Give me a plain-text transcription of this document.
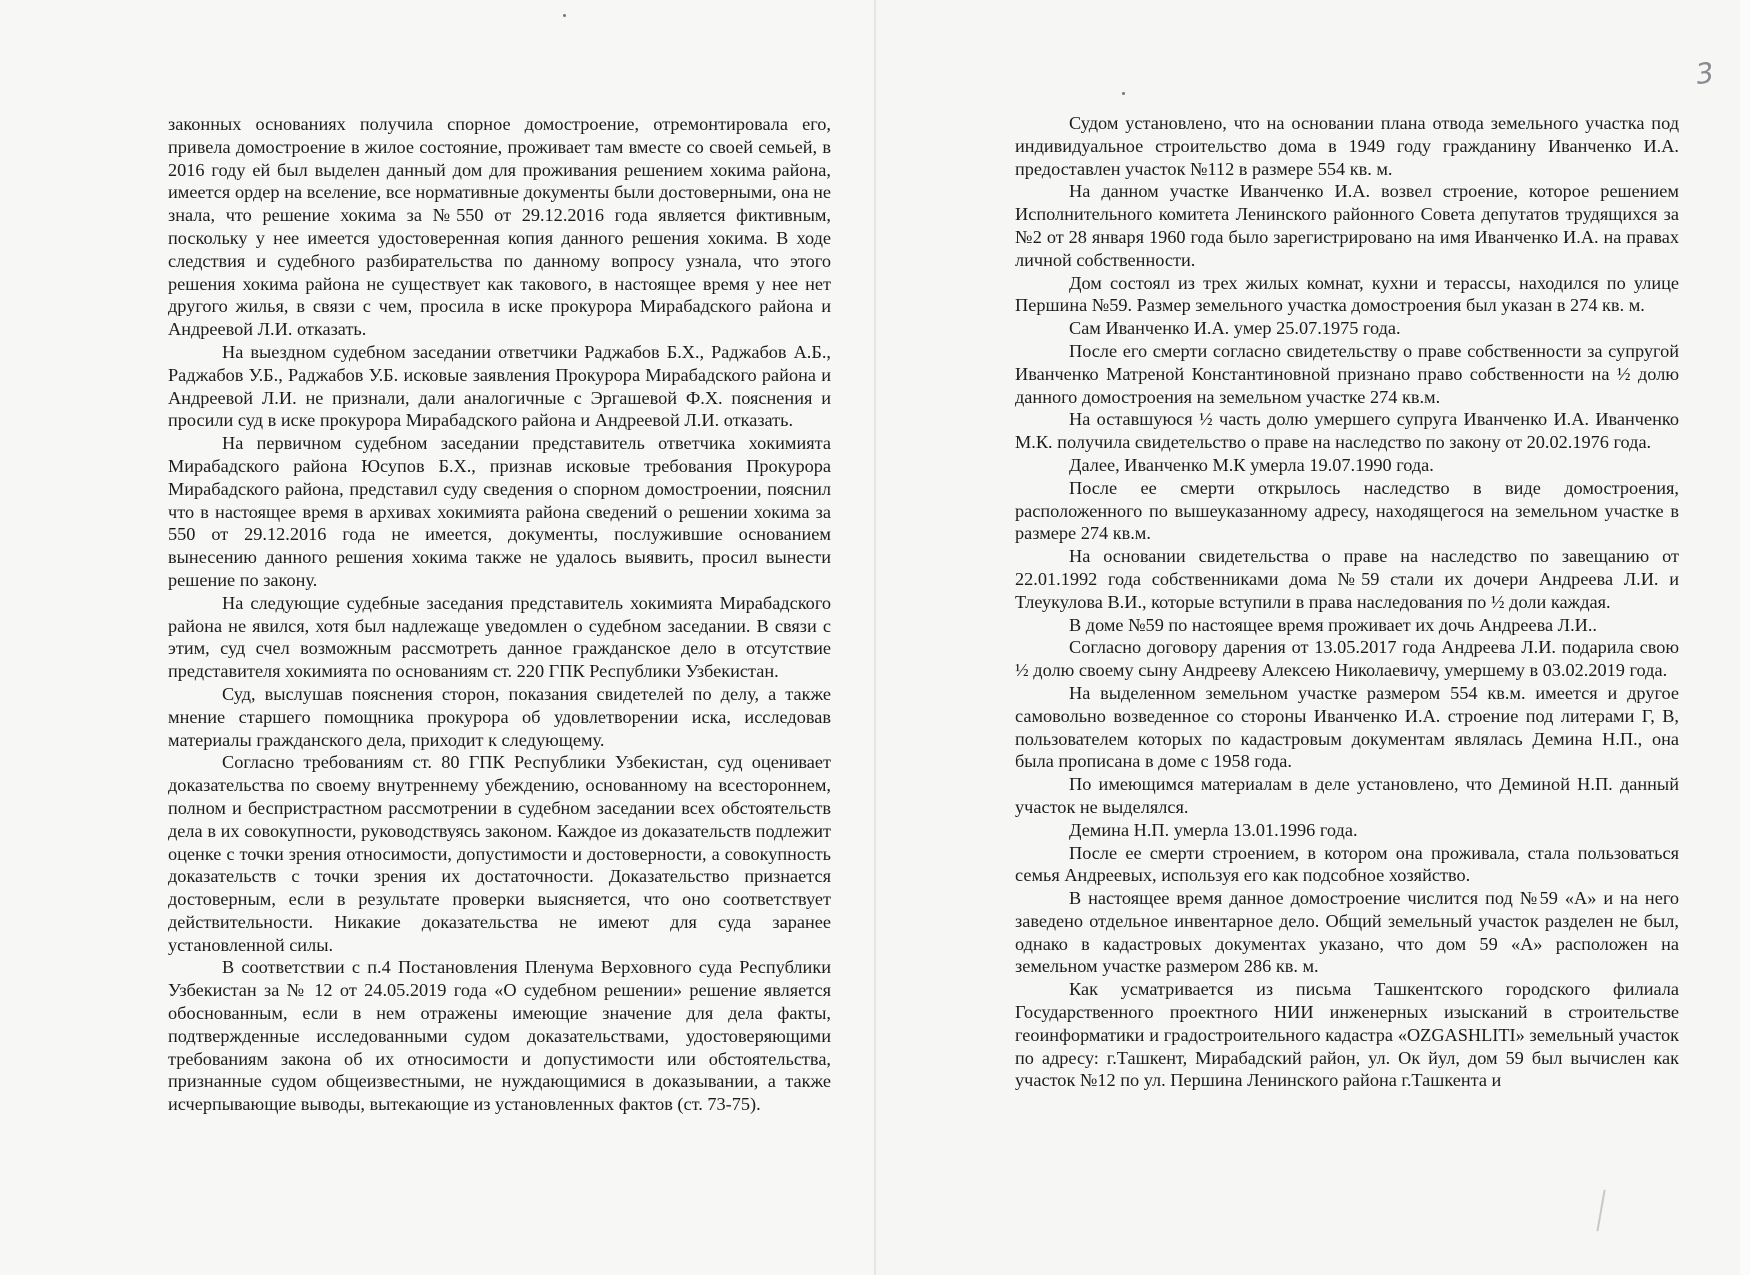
3

законных основаниях получила спорное домостроение, отремонтировала его, привела домостроение в жилое состояние, проживает там вместе со своей семьей, в 2016 году ей был выделен данный дом для проживания решением хокима района, имеется ордер на вселение, все нормативные документы были достоверными, она не знала, что решение хокима за №550 от 29.12.2016 года является фиктивным, поскольку у нее имеется удостоверенная копия данного решения хокима. В ходе следствия и судебного разбирательства по данному вопросу узнала, что этого решения хокима района не существует как такового, в настоящее время у нее нет другого жилья, в связи с чем, просила в иске прокурора Мирабадского района и Андреевой Л.И. отказать.

На выездном судебном заседании ответчики Раджабов Б.Х., Раджабов А.Б., Раджабов У.Б., Раджабов У.Б. исковые заявления Прокурора Мирабадского района и Андреевой Л.И. не признали, дали аналогичные с Эргашевой Ф.Х. пояснения и просили суд в иске прокурора Мирабадского района и Андреевой Л.И. отказать.

На первичном судебном заседании представитель ответчика хокимията Мирабадского района Юсупов Б.Х., признав исковые требования Прокурора Мирабадского района, представил суду сведения о спорном домостроении, пояснил что в настоящее время в архивах хокимията района сведений о решении хокима за 550 от 29.12.2016 года не имеется, документы, послужившие основанием вынесению данного решения хокима также не удалось выявить, просил вынести решение по закону.

На следующие судебные заседания представитель хокимията Мирабадского района не явился, хотя был надлежаще уведомлен о судебном заседании. В связи с этим, суд счел возможным рассмотреть данное гражданское дело в отсутствие представителя хокимията по основаниям ст. 220 ГПК Республики Узбекистан.

Суд, выслушав пояснения сторон, показания свидетелей по делу, а также мнение старшего помощника прокурора об удовлетворении иска, исследовав материалы гражданского дела, приходит к следующему.

Согласно требованиям ст. 80 ГПК Республики Узбекистан, суд оценивает доказательства по своему внутреннему убеждению, основанному на всестороннем, полном и беспристрастном рассмотрении в судебном заседании всех обстоятельств дела в их совокупности, руководствуясь законом. Каждое из доказательств подлежит оценке с точки зрения относимости, допустимости и достоверности, а совокупность доказательств с точки зрения их достаточности. Доказательство признается достоверным, если в результате проверки выясняется, что оно соответствует действительности. Никакие доказательства не имеют для суда заранее установленной силы.

В соответствии с п.4 Постановления Пленума Верховного суда Республики Узбекистан за № 12 от 24.05.2019 года «О судебном решении» решение является обоснованным, если в нем отражены имеющие значение для дела факты, подтвержденные исследованными судом доказательствами, удостоверяющими требованиям закона об их относимости и допустимости или обстоятельства, признанные судом общеизвестными, не нуждающимися в доказывании, а также исчерпывающие выводы, вытекающие из установленных фактов (ст. 73-75).

Судом установлено, что на основании плана отвода земельного участка под индивидуальное строительство дома в 1949 году гражданину Иванченко И.А. предоставлен участок №112 в размере 554 кв. м.

На данном участке Иванченко И.А. возвел строение, которое решением Исполнительного комитета Ленинского районного Совета депутатов трудящихся за №2 от 28 января 1960 года было зарегистрировано на имя Иванченко И.А. на правах личной собственности.

Дом состоял из трех жилых комнат, кухни и терассы, находился по улице Першина №59. Размер земельного участка домостроения был указан в 274 кв. м.

Сам Иванченко И.А. умер 25.07.1975 года.

После его смерти согласно свидетельству о праве собственности за супругой Иванченко Матреной Константиновной признано право собственности на ½ долю данного домостроения на земельном участке 274 кв.м.

На оставшуюся ½ часть долю умершего супруга Иванченко И.А. Иванченко М.К. получила свидетельство о праве на наследство по закону от 20.02.1976 года.

Далее, Иванченко М.К умерла 19.07.1990 года.

После ее смерти открылось наследство в виде домостроения, расположенного по вышеуказанному адресу, находящегося на земельном участке в размере 274 кв.м.

На основании свидетельства о праве на наследство по завещанию от 22.01.1992 года собственниками дома №59 стали их дочери Андреева Л.И. и Тлеукулова В.И., которые вступили в права наследования по ½ доли каждая.

В доме №59 по настоящее время проживает их дочь Андреева Л.И..

Согласно договору дарения от 13.05.2017 года Андреева Л.И. подарила свою ½ долю своему сыну Андрееву Алексею Николаевичу, умершему в 03.02.2019 года.

На выделенном земельном участке размером 554 кв.м. имеется и другое самовольно возведенное со стороны Иванченко И.А. строение под литерами Г, В, пользователем которых по кадастровым документам являлась Демина Н.П., она была прописана в доме с 1958 года.

По имеющимся материалам в деле установлено, что Деминой Н.П. данный участок не выделялся.

Демина Н.П. умерла 13.01.1996 года.

После ее смерти строением, в котором она проживала, стала пользоваться семья Андреевых, используя его как подсобное хозяйство.

В настоящее время данное домостроение числится под №59 «А» и на него заведено отдельное инвентарное дело. Общий земельный участок разделен не был, однако в кадастровых документах указано, что дом 59 «А» расположен на земельном участке размером 286 кв. м.

Как усматривается из письма Ташкентского городского филиала Государственного проектного НИИ инженерных изысканий в строительстве геоинформатики и градостроительного кадастра «OZGASHLITI» земельный участок по адресу: г.Ташкент, Мирабадский район, ул. Ок йул, дом 59 был вычислен как участок №12 по ул. Першина Ленинского района г.Ташкента и
